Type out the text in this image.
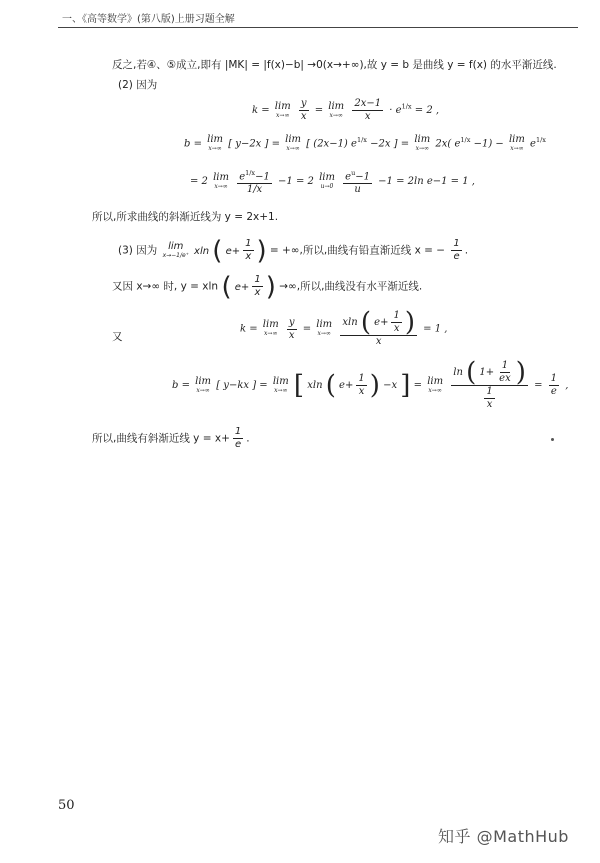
一、《高等数学》(第八版)上册习题全解
反之,若④、⑤成立,即有 |MK| = |f(x)−b| →0(x→+∞),故 y = b 是曲线 y = f(x) 的水平渐近线.
(2) 因为
k = lim
x→∞
$\frac{y}{x} = \lim$
x→∞
$\frac{2x-1}{x} \cdot e^{1/x} = 2$ ,
b = lim
x→∞ [ y−2x ] = lim
x→∞ [ (2x−1) $e^{1/x} -2x$ ] = lim
x→∞ 2x( $e^{1/x} -1) - \lim$
x→∞ $e^{1/x}$
= 2 lim
x→∞
$\frac{e^{1/x}-1}{1/x} -1 = 2$ lim
u→0
$\frac{e^u-1}{u} -1 = 2\ln$ e−1 = 1 ,
所以,所求曲线的斜渐近线为 y = 2x+1.
(3) 因为 lim
x→−1/e⁺ xln ( $e+ \frac{1}{x}$ ) = +∞,所以,曲线有铅直渐近线 x = − $\frac{1}{e}$ .
又因 x→∞ 时, y = xln ( $e+ \frac{1}{x}$ ) →∞,所以,曲线没有水平渐近线.
又
k = lim
x→∞
$\frac{y}{x} = \lim$
x→∞
$\frac{xln ( e+ \frac{1}{x} )}{x} = 1$ ,
b = lim
x→∞ [ y−kx ] = lim
x→∞ [ xln ( $e+ \frac{1}{x}$ ) −x ] = lim
x→∞
$\frac{\ln ( 1+ \frac{1}{ex} )}{\frac{1}{x}} = \frac{1}{e}$ ,
所以,曲线有斜渐近线 $y = x+ \frac{1}{e}$ .
50
知乎 @MathHub
